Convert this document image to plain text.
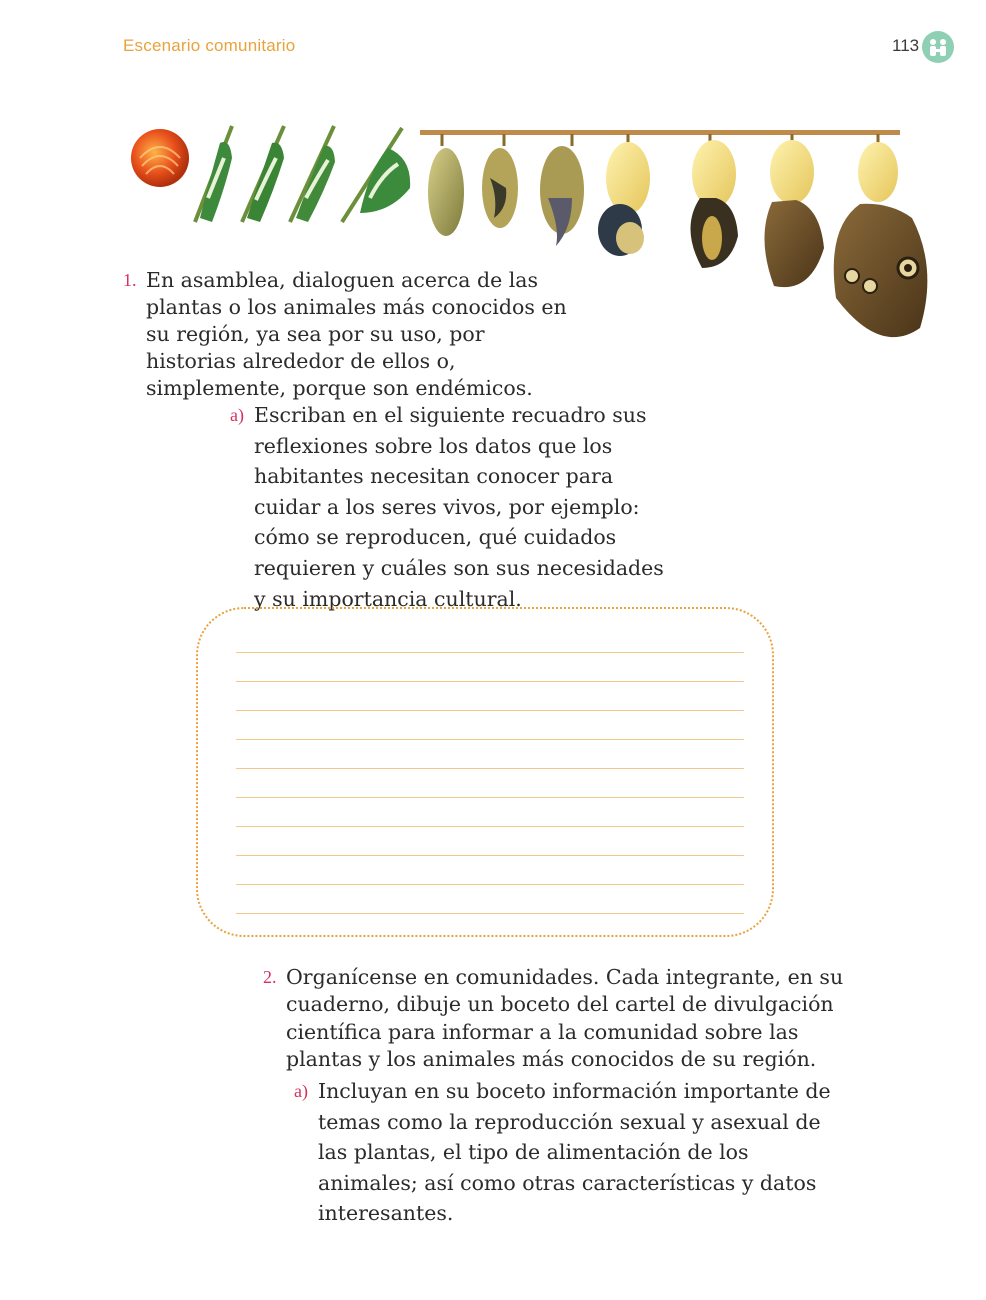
Escenario comunitario	113
1. En asamblea, dialoguen acerca de las plantas o los animales más conocidos en su región, ya sea por su uso, por historias alrededor de ellos o, simplemente, porque son endémicos.
a) Escriban en el siguiente recuadro sus reflexiones sobre los datos que los habitantes necesitan conocer para cuidar a los seres vivos, por ejemplo: cómo se reproducen, qué cuidados requieren y cuáles son sus necesidades y su importancia cultural.
2. Organícense en comunidades. Cada integrante, en su cuaderno, dibuje un boceto del cartel de divulgación científica para informar a la comunidad sobre las plantas y los animales más conocidos de su región.
a) Incluyan en su boceto información importante de temas como la reproducción sexual y asexual de las plantas, el tipo de alimentación de los animales; así como otras características y datos interesantes.
